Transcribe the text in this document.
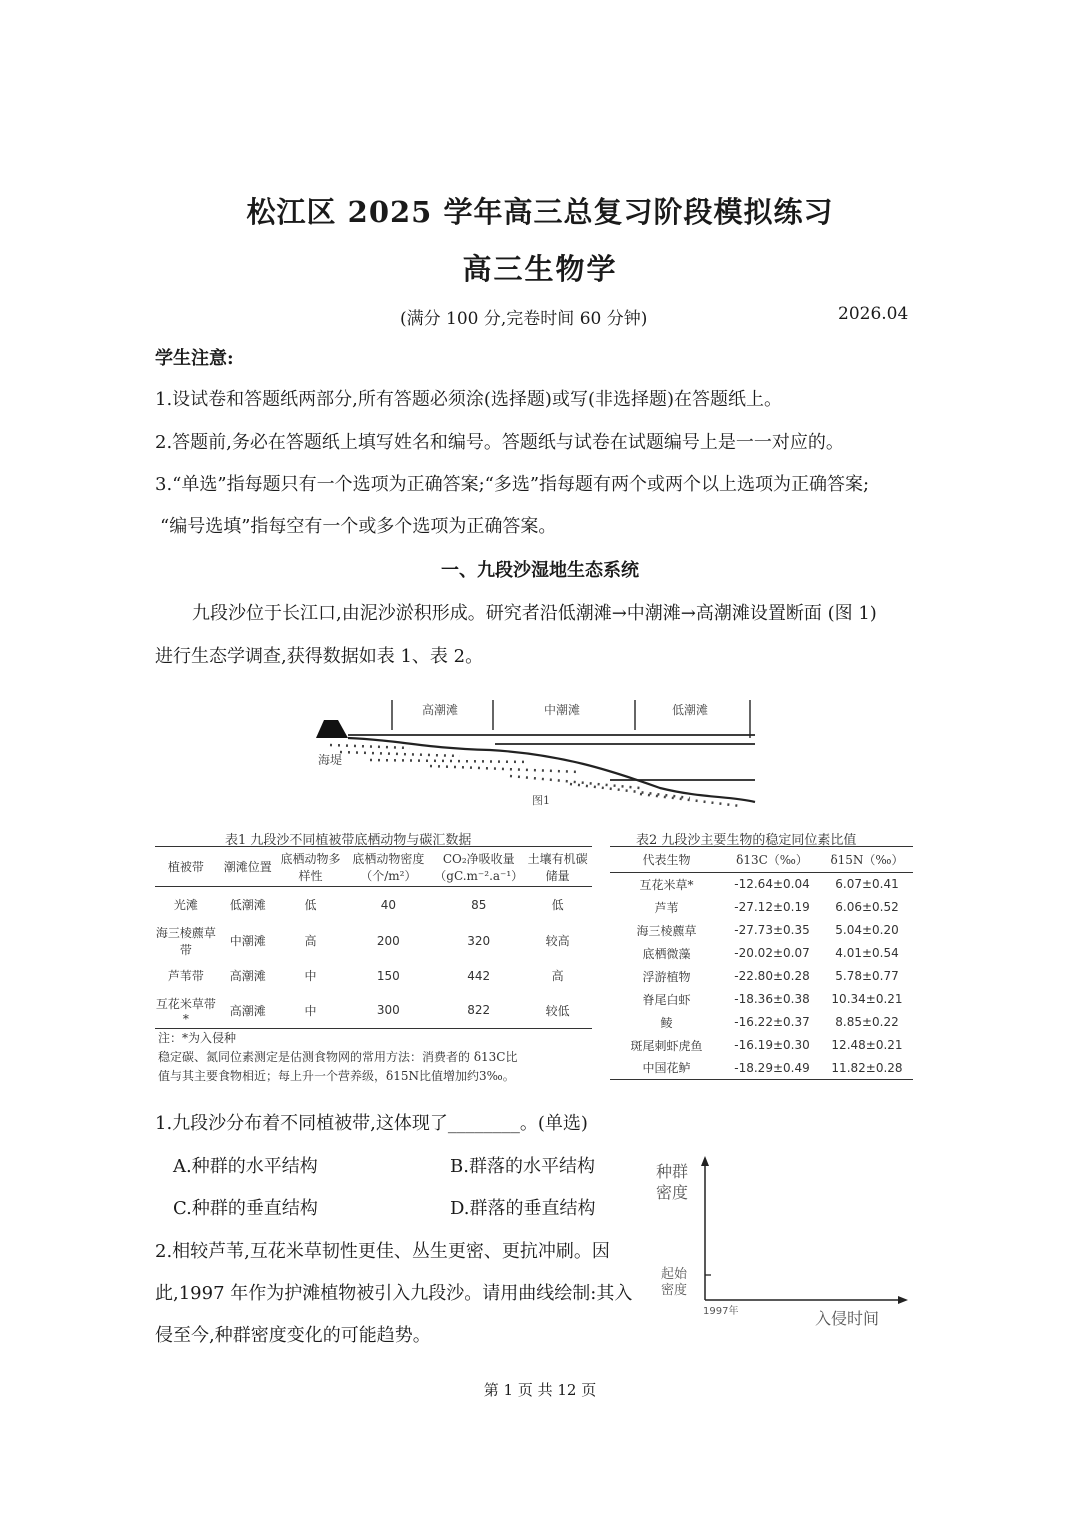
松江区 2025 学年高三总复习阶段模拟练习
高三生物学
(满分 100 分,完卷时间 60 分钟)	2026.04
学生注意:
1.设试卷和答题纸两部分,所有答题必须涂(选择题)或写(非选择题)在答题纸上。
2.答题前,务必在答题纸上填写姓名和编号。答题纸与试卷在试题编号上是一一对应的。
3.“单选”指每题只有一个选项为正确答案;“多选”指每题有两个或两个以上选项为正确答案;
“编号选填”指每空有一个或多个选项为正确答案。
一、九段沙湿地生态系统
九段沙位于长江口,由泥沙淤积形成。研究者沿低潮滩→中潮滩→高潮滩设置断面 (图 1)
进行生态学调查,获得数据如表 1、表 2。
高潮滩	中潮滩	低潮滩
海堤
图1
表1 九段沙不同植被带底栖动物与碳汇数据
植被带	潮滩位置	底栖动物多样性	底栖动物密度（个/m²）	CO₂净吸收量（gC.m⁻².a⁻¹）	土壤有机碳储量
光滩	低潮滩	低	40	85	低
海三棱藨草带	中潮滩	高	200	320	较高
芦苇带	高潮滩	中	150	442	高
互花米草带*	高潮滩	中	300	822	较低
注：*为入侵种
稳定碳、氮同位素测定是估测食物网的常用方法：消费者的 δ13C比
值与其主要食物相近；每上升一个营养级，δ15N比值增加约3‰。
表2 九段沙主要生物的稳定同位素比值
代表生物	δ13C（‰）	δ15N（‰）
互花米草*	-12.64±0.04	6.07±0.41
芦苇	-27.12±0.19	6.06±0.52
海三棱藨草	-27.73±0.35	5.04±0.20
底栖微藻	-20.02±0.07	4.01±0.54
浮游植物	-22.80±0.28	5.78±0.77
脊尾白虾	-18.36±0.38	10.34±0.21
鲮	-16.22±0.37	8.85±0.22
斑尾刺虾虎鱼	-16.19±0.30	12.48±0.21
中国花鲈	-18.29±0.49	11.82±0.28
1.九段沙分布着不同植被带,这体现了________。(单选)
A.种群的水平结构	B.群落的水平结构
C.种群的垂直结构	D.群落的垂直结构
2.相较芦苇,互花米草韧性更佳、丛生更密、更抗冲刷。因
此,1997 年作为护滩植物被引入九段沙。请用曲线绘制:其入
侵至今,种群密度变化的可能趋势。
种群
密度
起始
密度
1997年	入侵时间
第 1 页 共 12 页
